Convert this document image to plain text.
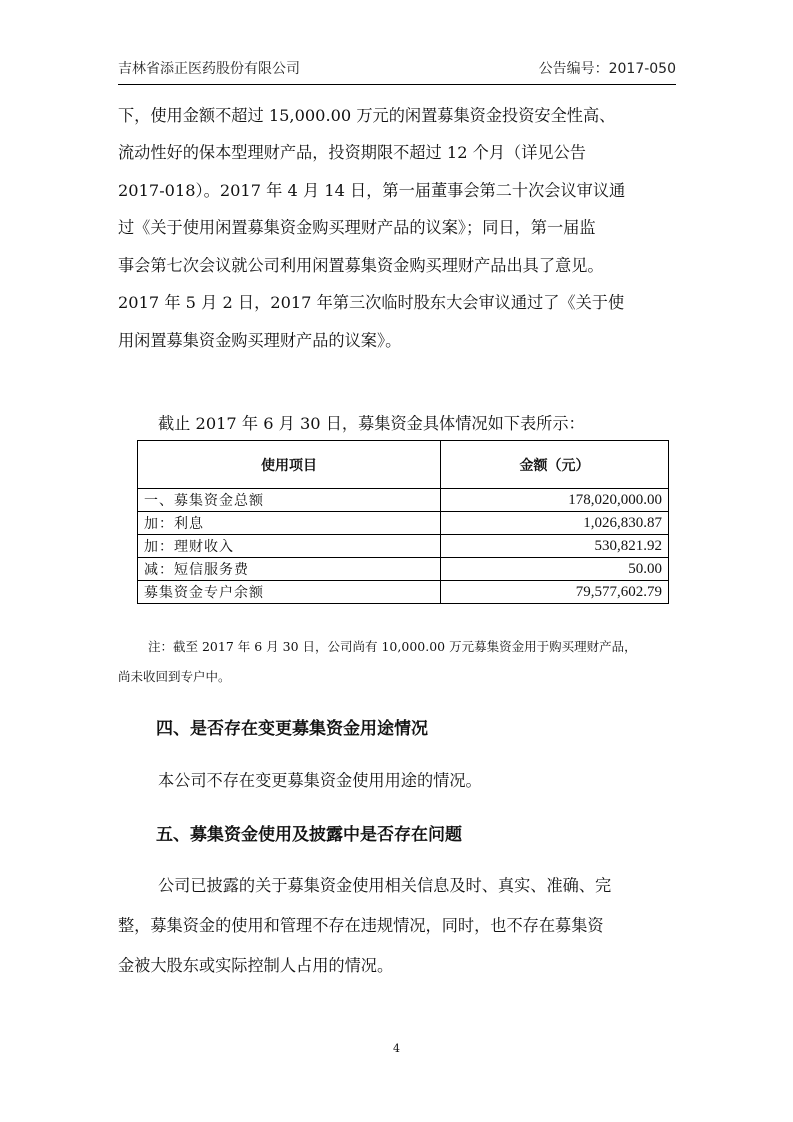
吉林省添正医药股份有限公司	公告编号：2017-050
下，使用金额不超过 15,000.00 万元的闲置募集资金投资安全性高、
流动性好的保本型理财产品，投资期限不超过 12 个月（详见公告
2017-018）。2017 年 4 月 14 日，第一届董事会第二十次会议审议通
过《关于使用闲置募集资金购买理财产品的议案》；同日，第一届监
事会第七次会议就公司利用闲置募集资金购买理财产品出具了意见。
2017 年 5 月 2 日，2017 年第三次临时股东大会审议通过了《关于使
用闲置募集资金购买理财产品的议案》。
截止 2017 年 6 月 30 日，募集资金具体情况如下表所示：
使用项目	金额（元）
一、募集资金总额	178,020,000.00
加：利息	1,026,830.87
加：理财收入	530,821.92
减：短信服务费	50.00
募集资金专户余额	79,577,602.79
注：截至 2017 年 6 月 30 日，公司尚有 10,000.00 万元募集资金用于购买理财产品，
尚未收回到专户中。
四、是否存在变更募集资金用途情况
本公司不存在变更募集资金使用用途的情况。
五、募集资金使用及披露中是否存在问题
公司已披露的关于募集资金使用相关信息及时、真实、准确、完
整，募集资金的使用和管理不存在违规情况，同时，也不存在募集资
金被大股东或实际控制人占用的情况。
4
